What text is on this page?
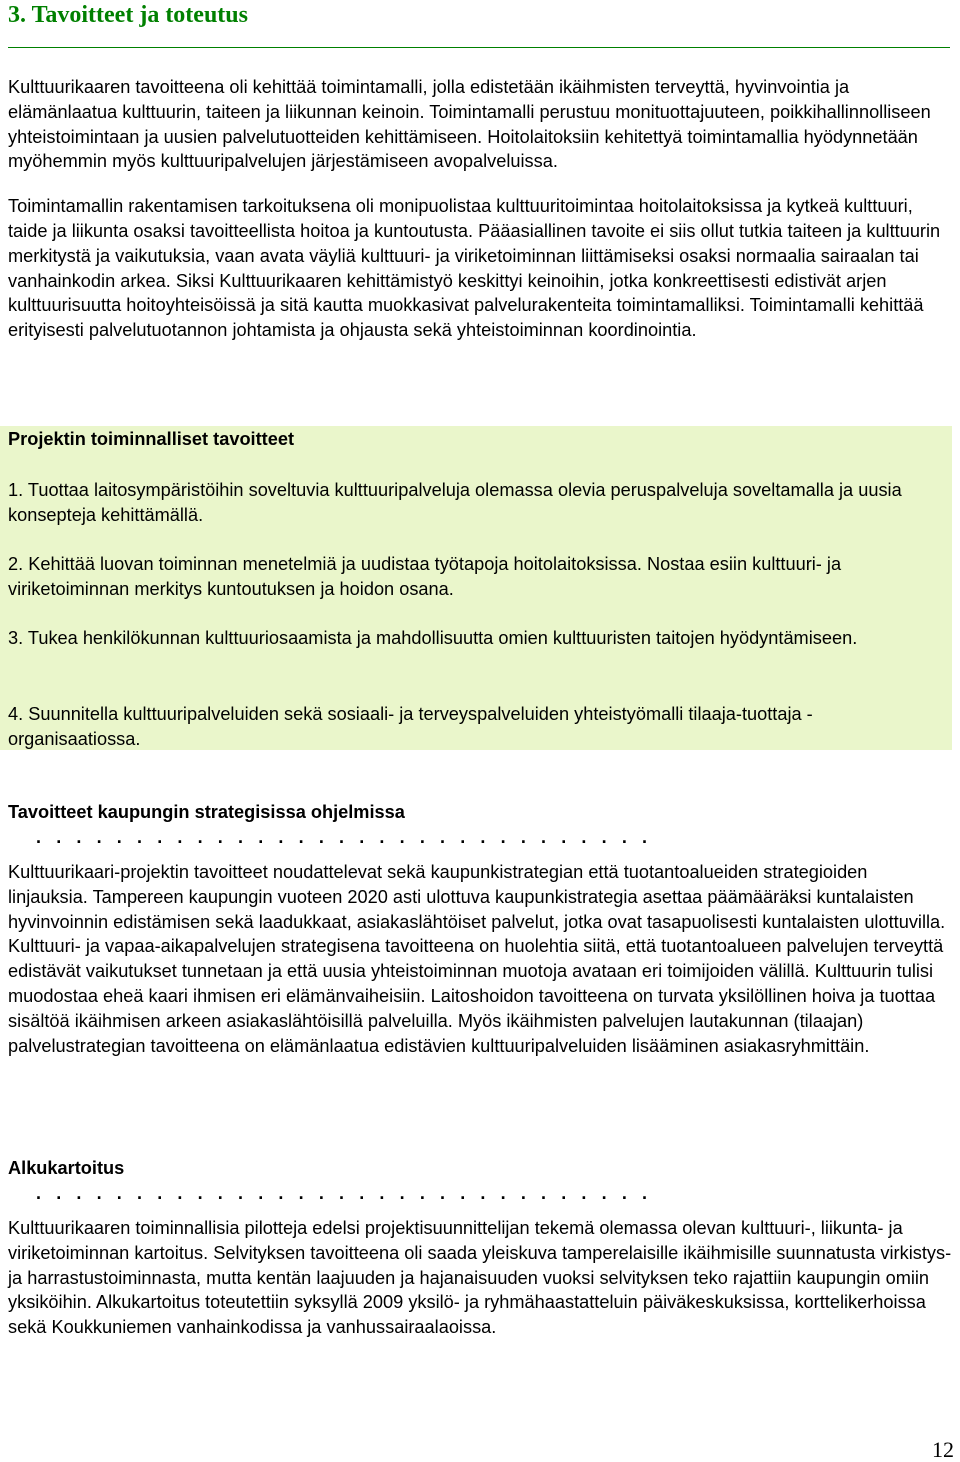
3. Tavoitteet ja toteutus

Kulttuurikaaren tavoitteena oli kehittää toimintamalli, jolla edistetään ikäihmisten terveyttä, hyvinvointia ja elämänlaatua kulttuurin, taiteen ja liikunnan keinoin. Toimintamalli perustuu monituottajuuteen, poikkihallinnolliseen yhteistoimintaan ja uusien palvelutuotteiden kehittämiseen. Hoitolaitoksiin kehitettyä toimintamallia hyödynnetään myöhemmin myös kulttuuripalvelujen järjestämiseen avopalveluissa.

Toimintamallin rakentamisen tarkoituksena oli monipuolistaa kulttuuritoimintaa hoitolaitoksissa ja kytkeä kulttuuri, taide ja liikunta osaksi tavoitteellista hoitoa ja kuntoutusta. Pääasiallinen tavoite ei siis ollut tutkia taiteen ja kulttuurin merkitystä ja vaikutuksia, vaan avata väyliä kulttuuri- ja viriketoiminnan liittämiseksi osaksi normaalia sairaalan tai vanhainkodin arkea. Siksi Kulttuurikaaren kehittämistyö keskittyi keinoihin, jotka konkreettisesti edistivät arjen kulttuurisuutta hoitoyhteisöissä ja sitä kautta muokkasivat palvelurakenteita toimintamalliksi. Toimintamalli kehittää erityisesti palvelutuotannon johtamista ja ohjausta sekä yhteistoiminnan koordinointia.

Projektin toiminnalliset tavoitteet

1. Tuottaa laitosympäristöihin soveltuvia kulttuuripalveluja olemassa olevia peruspalveluja soveltamalla ja uusia konsepteja kehittämällä.

2. Kehittää luovan toiminnan menetelmiä ja uudistaa työtapoja hoitolaitoksissa. Nostaa esiin kulttuuri- ja viriketoiminnan merkitys kuntoutuksen ja hoidon osana.

3. Tukea henkilökunnan kulttuuriosaamista ja mahdollisuutta omien kulttuuristen taitojen hyödyntämiseen.

4. Suunnitella kulttuuripalveluiden sekä sosiaali- ja terveyspalveluiden yhteistyömalli tilaaja-tuottaja -organisaatiossa.

Tavoitteet kaupungin strategisissa ohjelmissa

...............................

Kulttuurikaari-projektin tavoitteet noudattelevat sekä kaupunkistrategian että tuotantoalueiden strategioiden linjauksia. Tampereen kaupungin vuoteen 2020 asti ulottuva kaupunkistrategia asettaa päämääräksi kuntalaisten hyvinvoinnin edistämisen sekä laadukkaat, asiakaslähtöiset palvelut, jotka ovat tasapuolisesti kuntalaisten ulottuvilla. Kulttuuri- ja vapaa-aikapalvelujen strategisena tavoitteena on huolehtia siitä, että tuotantoalueen palvelujen terveyttä edistävät vaikutukset tunnetaan ja että uusia yhteistoiminnan muotoja avataan eri toimijoiden välillä. Kulttuurin tulisi muodostaa eheä kaari ihmisen eri elämänvaiheisiin. Laitoshoidon tavoitteena on turvata yksilöllinen hoiva ja tuottaa sisältöä ikäihmisen arkeen asiakaslähtöisillä palveluilla. Myös ikäihmisten palvelujen lautakunnan (tilaajan) palvelustrategian tavoitteena on elämänlaatua edistävien kulttuuripalveluiden lisääminen asiakasryhmittäin.

Alkukartoitus

...............................

Kulttuurikaaren toiminnallisia pilotteja edelsi projektisuunnittelijan tekemä olemassa olevan kulttuuri-, liikunta- ja viriketoiminnan kartoitus. Selvityksen tavoitteena oli saada yleiskuva tamperelaisille ikäihmisille suunnatusta virkistys- ja harrastustoiminnasta, mutta kentän laajuuden ja hajanaisuuden vuoksi selvityksen teko rajattiin kaupungin omiin yksiköihin. Alkukartoitus toteutettiin syksyllä 2009 yksilö- ja ryhmähaastatteluin päiväkeskuksissa, korttelikerhoissa sekä Koukkuniemen vanhainkodissa ja vanhussairaalaoissa.

12
